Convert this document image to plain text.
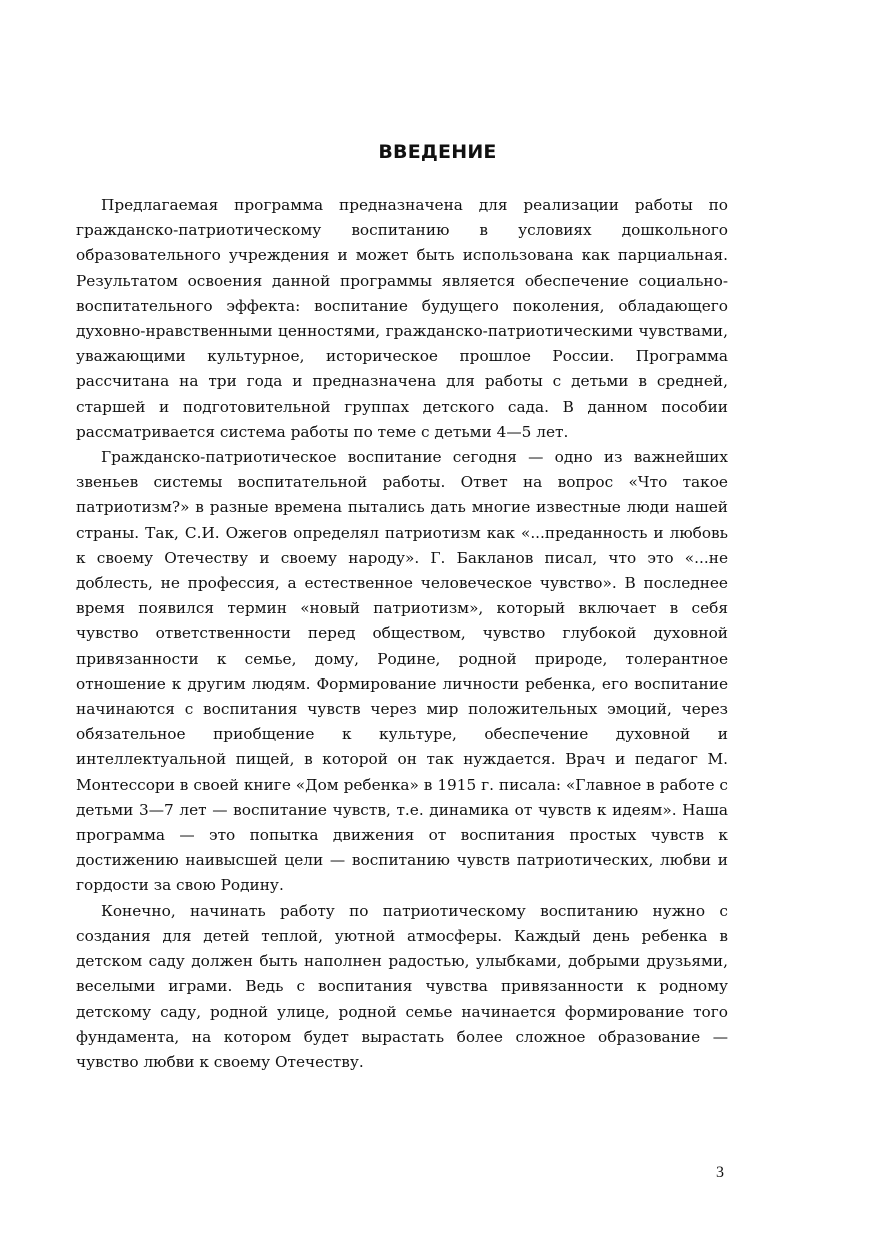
ВВЕДЕНИЕ

Предлагаемая программа предназначена для реализации работы по гражданско-патриотическому воспитанию в условиях дошкольного образовательного учреждения и может быть использована как парциальная. Результатом освоения данной программы является обеспечение социально-воспитательного эффекта: воспитание будущего поколения, обладающего духовно-нравственными ценностями, гражданско-патриотическими чувствами, уважающими культурное, историческое прошлое России. Программа рассчитана на три года и предназначена для работы с детьми в средней, старшей и подготовительной группах детского сада. В данном пособии рассматривается система работы по теме с детьми 4—5 лет.

Гражданско-патриотическое воспитание сегодня — одно из важнейших звеньев системы воспитательной работы. Ответ на вопрос «Что такое патриотизм?» в разные времена пытались дать многие известные люди нашей страны. Так, С.И. Ожегов определял патриотизм как «...преданность и любовь к своему Отечеству и своему народу». Г. Бакланов писал, что это «...не доблесть, не профессия, а естественное человеческое чувство». В последнее время появился термин «новый патриотизм», который включает в себя чувство ответственности перед обществом, чувство глубокой духовной привязанности к семье, дому, Родине, родной природе, толерантное отношение к другим людям. Формирование личности ребенка, его воспитание начинаются с воспитания чувств через мир положительных эмоций, через обязательное приобщение к культуре, обеспечение духовной и интеллектуальной пищей, в которой он так нуждается. Врач и педагог М. Монтессори в своей книге «Дом ребенка» в 1915 г. писала: «Главное в работе с детьми 3—7 лет — воспитание чувств, т.е. динамика от чувств к идеям». Наша программа — это попытка движения от воспитания простых чувств к достижению наивысшей цели — воспитанию чувств патриотических, любви и гордости за свою Родину.

Конечно, начинать работу по патриотическому воспитанию нужно с создания для детей теплой, уютной атмосферы. Каждый день ребенка в детском саду должен быть наполнен радостью, улыбками, добрыми друзьями, веселыми играми. Ведь с воспитания чувства привязанности к родному детскому саду, родной улице, родной семье начинается формирование того фундамента, на котором будет вырастать более сложное образование — чувство любви к своему Отечеству.

3
